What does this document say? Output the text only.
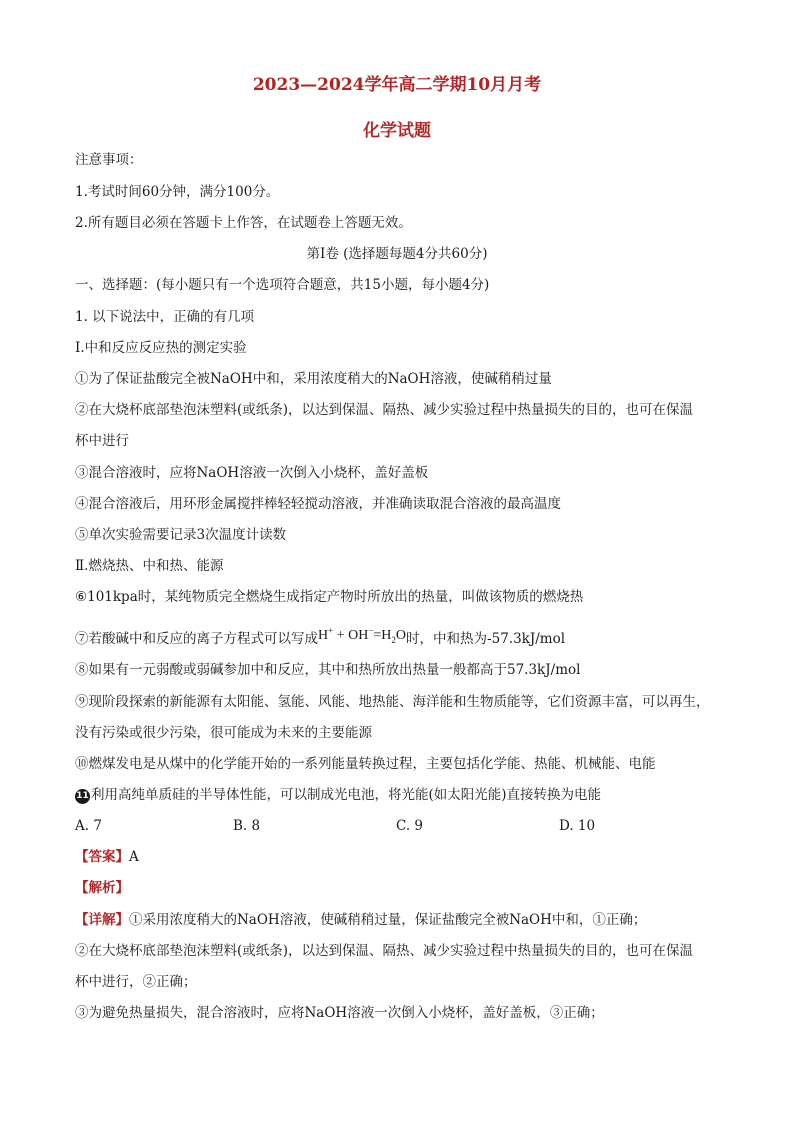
2023—2024学年高二学期10月月考
化学试题
注意事项：
1.考试时间60分钟，满分100分。
2.所有题目必须在答题卡上作答，在试题卷上答题无效。
第Ⅰ卷 (选择题每题4分共60分)
一、选择题：(每小题只有一个选项符合题意，共15小题，每小题4分)
1. 以下说法中，正确的有几项
Ⅰ.中和反应反应热的测定实验
①为了保证盐酸完全被NaOH中和，采用浓度稍大的NaOH溶液，使碱稍稍过量
②在大烧杯底部垫泡沫塑料(或纸条)，以达到保温、隔热、减少实验过程中热量损失的目的，也可在保温
杯中进行
③混合溶液时，应将NaOH溶液一次倒入小烧杯，盖好盖板
④混合溶液后，用环形金属搅拌棒轻轻搅动溶液，并准确读取混合溶液的最高温度
⑤单次实验需要记录3次温度计读数
Ⅱ.燃烧热、中和热、能源
⑥101kpa时，某纯物质完全燃烧生成指定产物时所放出的热量，叫做该物质的燃烧热
⑦若酸碱中和反应的离子方程式可以写成$H^+ + OH^-=H_2O$时，中和热为-57.3kJ/mol
⑧如果有一元弱酸或弱碱参加中和反应，其中和热所放出热量一般都高于57.3kJ/mol
⑨现阶段探索的新能源有太阳能、氢能、风能、地热能、海洋能和生物质能等，它们资源丰富，可以再生，
没有污染或很少污染，很可能成为未来的主要能源
⑩燃煤发电是从煤中的化学能开始的一系列能量转换过程，主要包括化学能、热能、机械能、电能
11 利用高纯单质硅的半导体性能，可以制成光电池，将光能(如太阳光能)直接转换为电能
A. 7	B. 8	C. 9	D. 10
【答案】A
【解析】
【详解】①采用浓度稍大的NaOH溶液，使碱稍稍过量，保证盐酸完全被NaOH中和，①正确；
②在大烧杯底部垫泡沫塑料(或纸条)，以达到保温、隔热、减少实验过程中热量损失的目的，也可在保温
杯中进行，②正确；
③为避免热量损失，混合溶液时，应将NaOH溶液一次倒入小烧杯，盖好盖板，③正确；
